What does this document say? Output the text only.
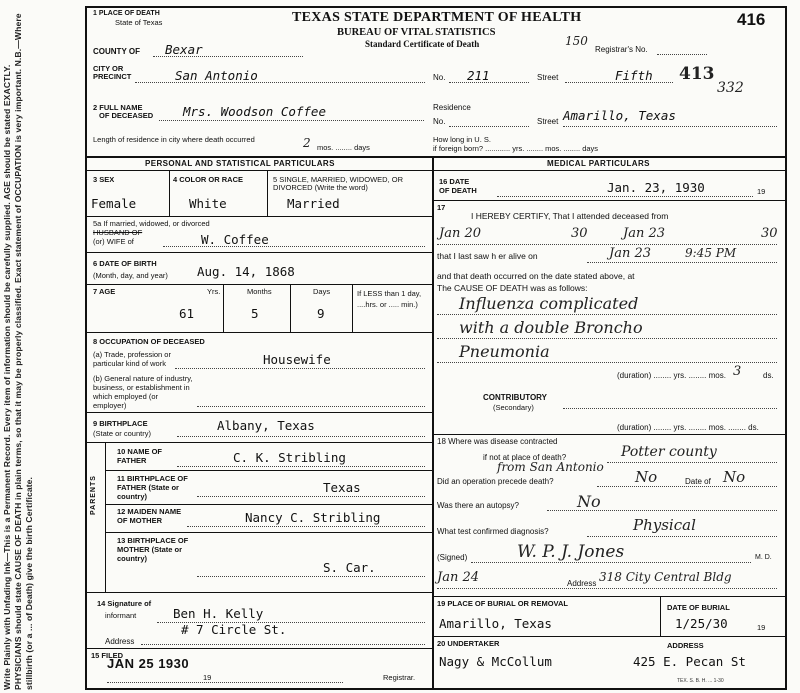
Write Plainly with Unfading Ink—This is a Permanent Record. Every item of information should be carefully supplied. AGE should be stated EXACTLY. PHYSICIANS should state CAUSE OF DEATH in plain terms, so that it may be properly classified. Exact statement of OCCUPATION is very important. N.B.—Where stillbirth (or a ... of Death) give the birth Certificate.
1 PLACE OF DEATH
State of Texas	TEXAS STATE DEPARTMENT OF HEALTH
BUREAU OF VITAL STATISTICS
Standard Certificate of Death	150
Registrar's No.
416
COUNTY OF Bexar
CITY OR
PRECINCT	San Antonio	No. 211	Street	Fifth 413
332
2 FULL NAME
OF DECEASED Mrs. Woodson Coffee	Residence
No.	Street Amarillo, Texas
Length of residence in city where death occurred	2 mos. ........ days
How long in U. S.
if foreign born? ............ yrs. ........ mos. ........ days
PERSONAL AND STATISTICAL PARTICULARS	MEDICAL PARTICULARS
3 SEX
Female
4 COLOR OR RACE
White
5 SINGLE, MARRIED, WIDOWED, OR DIVORCED (Write the word)
Married
5a If married, widowed, or divorced
HUSBAND OF
(or) WIFE of	W. Coffee
6 DATE OF BIRTH
(Month, day, and year) Aug. 14, 1868
7 AGE	Yrs.	Months	Days	If LESS than 1 day, ....hrs. or ..... min.)
61	5	9
8 OCCUPATION OF DECEASED
(a) Trade, profession or particular kind of work	Housewife
(b) General nature of industry, business, or establishment in which employed (or employer)
9 BIRTHPLACE
(State or country)
Albany, Texas
PARENTS
10 NAME OF
FATHER	C. K. Stribling
11 BIRTHPLACE OF FATHER (State or country)
Texas
12 MAIDEN NAME
OF MOTHER	Nancy C. Stribling
13 BIRTHPLACE OF MOTHER (State or country)
S. Car.
14 Signature of
informant	Ben H. Kelly
Address
# 7 Circle St.
15 FILED
JAN 25 1930
19	Registrar.
16 DATE
OF DEATH	Jan. 23, 1930	19
17
I HEREBY CERTIFY, That I attended deceased from
Jan 20	30	Jan 23	30
that I last saw h er alive on	Jan 23	9:45 PM
and that death occurred on the date stated above, at
The CAUSE OF DEATH was as follows:
Influenza complicated
with a double Broncho
Pneumonia
(duration) ........ yrs. ........ mos. 3	ds.
CONTRIBUTORY
(Secondary)
(duration) ........ yrs. ........ mos. ........ ds.
18 Where was disease contracted
if not at place of death?	Potter county
from San Antonio
Did an operation precede death?	No	Date of No
Was there an autopsy?	No
What test confirmed diagnosis?	Physical
(Signed)	W. P. J. Jones	M. D.
Jan 24	Address 318 City Central Bldg
19 PLACE OF BURIAL OR REMOVAL
Amarillo, Texas
DATE OF BURIAL
1/25/30	19
20 UNDERTAKER	ADDRESS
Nagy & McCollum	425 E. Pecan St
TEX. S. B. H. ... 1-30
